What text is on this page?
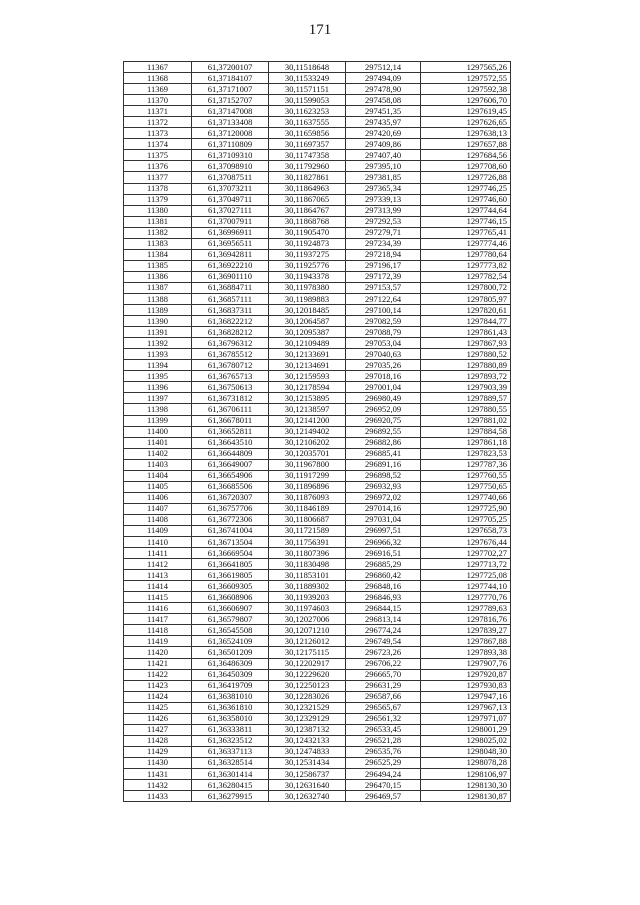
171
11367	61,37200107	30,11518648	297512,14	1297565,26
11368	61,37184107	30,11533249	297494,09	1297572,55
11369	61,37171007	30,11571151	297478,90	1297592,38
11370	61,37152707	30,11599053	297458,08	1297606,70
11371	61,37147008	30,11623253	297451,35	1297619,45
11372	61,37133408	30,11637555	297435,97	1297626,65
11373	61,37120008	30,11659856	297420,69	1297638,13
11374	61,37110809	30,11697357	297409,86	1297657,88
11375	61,37109310	30,11747358	297407,40	1297684,56
11376	61,37098910	30,11792960	297395,10	1297708,60
11377	61,37087511	30,11827861	297381,85	1297726,88
11378	61,37073211	30,11864963	297365,34	1297746,25
11379	61,37049711	30,11867065	297339,13	1297746,60
11380	61,37027111	30,11864767	297313,99	1297744,64
11381	61,37007911	30,11868768	297292,53	1297746,15
11382	61,36996911	30,11905470	297279,71	1297765,41
11383	61,36956511	30,11924873	297234,39	1297774,46
11384	61,36942811	30,11937275	297218,94	1297780,64
11385	61,36922210	30,11925776	297196,17	1297773,82
11386	61,36901110	30,11943378	297172,39	1297782,54
11387	61,36884711	30,11978380	297153,57	1297800,72
11388	61,36857111	30,11989883	297122,64	1297805,97
11389	61,36837311	30,12018485	297100,14	1297820,61
11390	61,36822212	30,12064587	297082,59	1297844,77
11391	61,36828212	30,12095387	297088,79	1297861,43
11392	61,36796312	30,12109489	297053,04	1297867,93
11393	61,36785512	30,12133691	297040,63	1297880,52
11394	61,36780712	30,12134691	297035,26	1297880,89
11395	61,36765713	30,12159593	297018,16	1297893,72
11396	61,36750613	30,12178594	297001,04	1297903,39
11397	61,36731812	30,12153895	296980,49	1297889,57
11398	61,36706111	30,12138597	296952,09	1297880,55
11399	61,36678011	30,12141200	296920,75	1297881,02
11400	61,36652811	30,12149402	296892,55	1297884,58
11401	61,36643510	30,12106202	296882,86	1297861,18
11402	61,36644809	30,12035701	296885,41	1297823,53
11403	61,36649007	30,11967800	296891,16	1297787,36
11404	61,36654906	30,11917299	296898,52	1297760,55
11405	61,36685506	30,11896896	296932,93	1297750,65
11406	61,36720307	30,11876093	296972,02	1297740,66
11407	61,36757706	30,11846189	297014,16	1297725,90
11408	61,36772306	30,11806687	297031,04	1297705,25
11409	61,36741004	30,11721589	296997,51	1297658,73
11410	61,36713504	30,11756391	296966,32	1297676,44
11411	61,36669504	30,11807396	296916,51	1297702,27
11412	61,36641805	30,11830498	296885,29	1297713,72
11413	61,36619805	30,11853101	296860,42	1297725,08
11414	61,36609305	30,11889302	296848,16	1297744,10
11415	61,36608906	30,11939203	296846,93	1297770,76
11416	61,36606907	30,11974603	296844,15	1297789,63
11417	61,36579807	30,12027006	296813,14	1297816,76
11418	61,36545508	30,12071210	296774,24	1297839,27
11419	61,36524109	30,12126012	296749,54	1297867,88
11420	61,36501209	30,12175115	296723,26	1297893,38
11421	61,36486309	30,12202917	296706,22	1297907,76
11422	61,36450309	30,12229620	296665,70	1297920,87
11423	61,36419709	30,12250123	296631,29	1297930,83
11424	61,36381010	30,12283026	296587,66	1297947,16
11425	61,36361810	30,12321529	296565,67	1297967,13
11426	61,36358010	30,12329129	296561,32	1297971,07
11427	61,36333811	30,12387132	296533,45	1298001,29
11428	61,36323512	30,12432133	296521,28	1298025,02
11429	61,36337113	30,12474833	296535,76	1298048,30
11430	61,36328514	30,12531434	296525,29	1298078,28
11431	61,36301414	30,12586737	296494,24	1298106,97
11432	61,36280415	30,12631640	296470,15	1298130,30
11433	61,36279915	30,12632740	296469,57	1298130,87
